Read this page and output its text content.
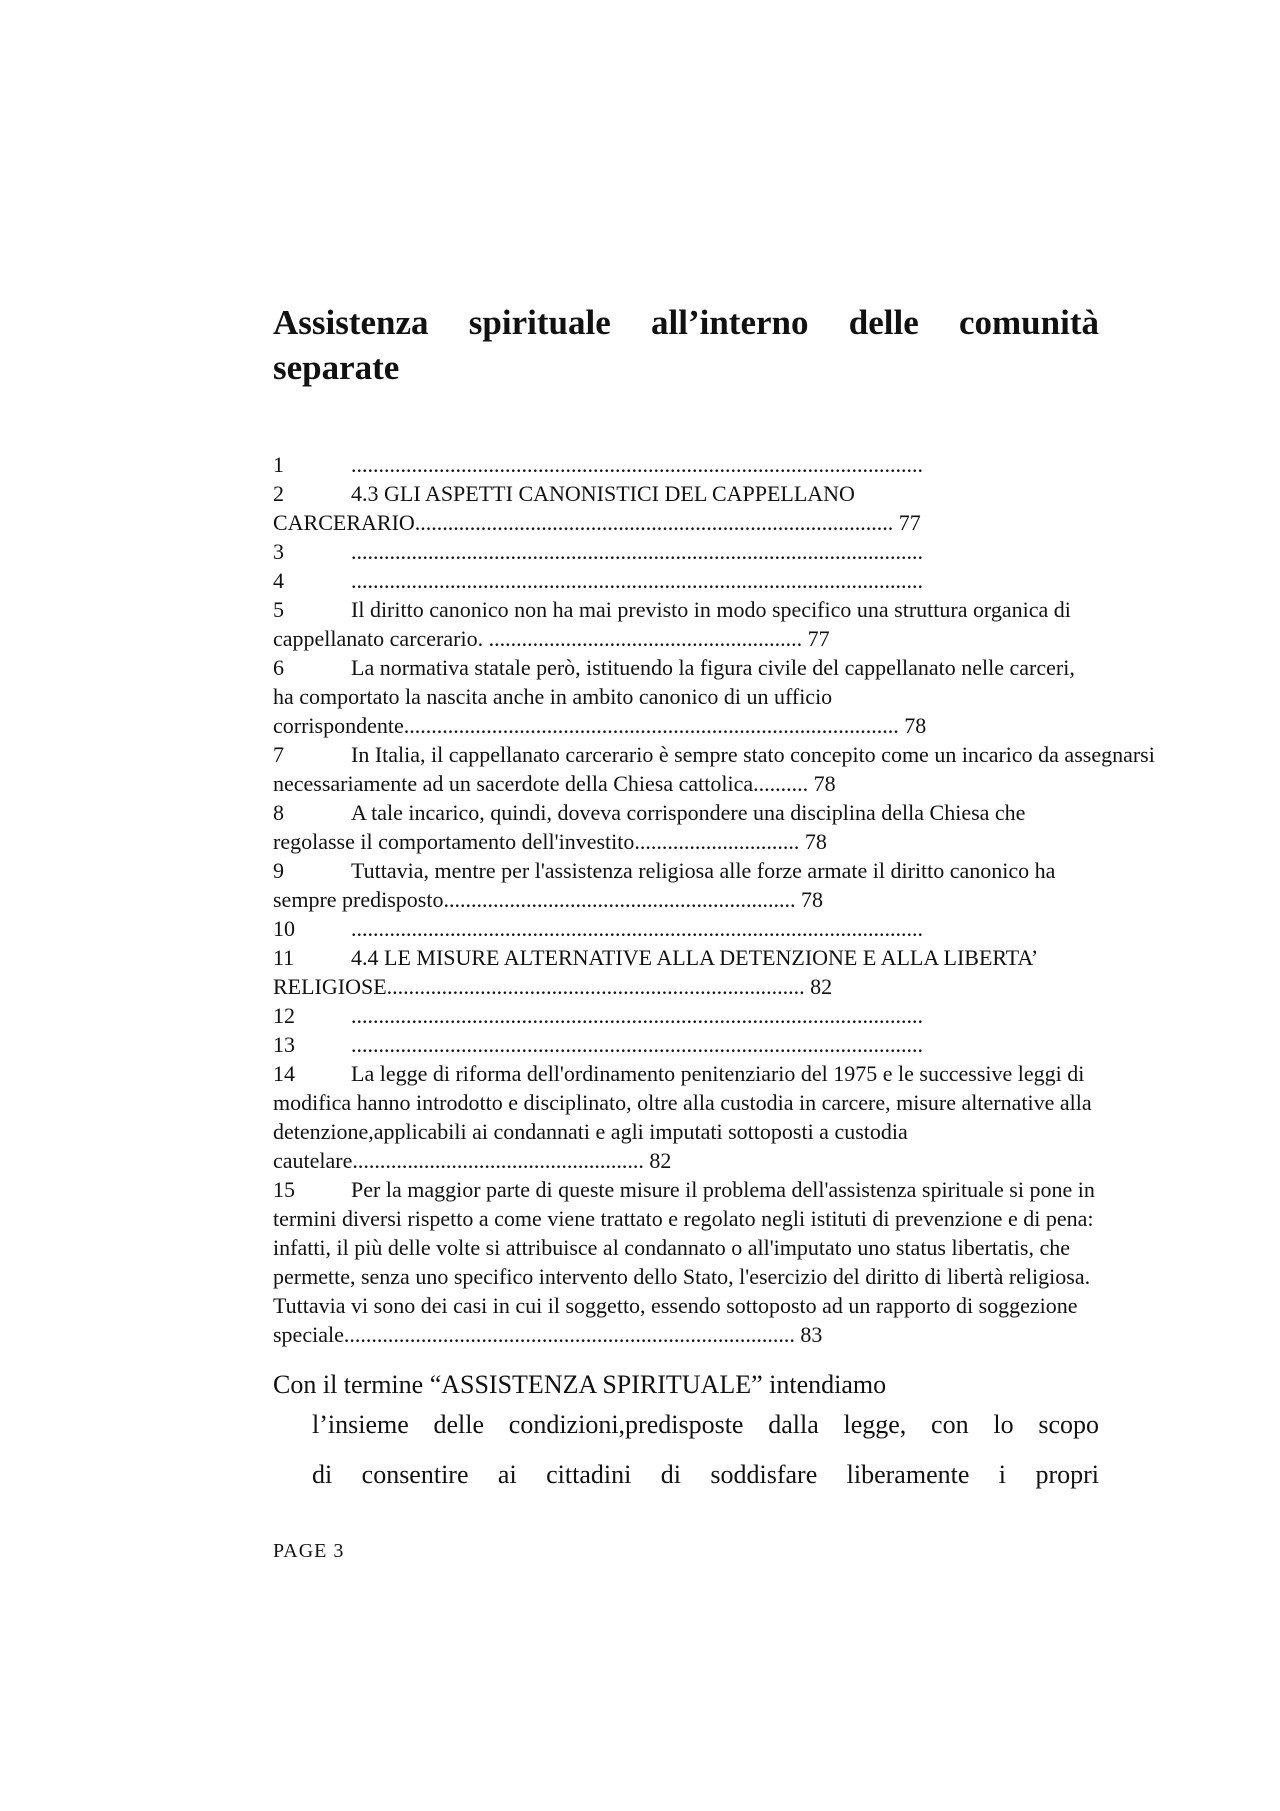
Assistenza spirituale all’interno delle comunità separate
1	........................................................................................................
2	4.3 GLI ASPETTI CANONISTICI DEL CAPPELLANO CARCERARIO....................................................................................... 77
3	........................................................................................................
4	........................................................................................................
5	Il diritto canonico non ha mai previsto in modo specifico una struttura organica di cappellanato carcerario. ......................................................... 77
6	La normativa statale però, istituendo la figura civile del cappellanato nelle carceri, ha comportato la nascita anche in ambito canonico di un ufficio corrispondente.......................................................................................... 78
7	In Italia, il cappellanato carcerario è sempre stato concepito come un incarico da assegnarsi necessariamente ad un sacerdote della Chiesa cattolica.......... 78
8	A tale incarico, quindi, doveva corrispondere una disciplina della Chiesa che regolasse il comportamento dell'investito.............................. 78
9	Tuttavia, mentre per l'assistenza religiosa alle forze armate il diritto canonico ha sempre predisposto................................................................ 78
10	........................................................................................................
11	4.4 LE MISURE ALTERNATIVE ALLA DETENZIONE E ALLA LIBERTA’ RELIGIOSE............................................................................ 82
12	........................................................................................................
13	........................................................................................................
14	La legge di riforma dell'ordinamento penitenziario del 1975 e le successive leggi di modifica hanno introdotto e disciplinato, oltre alla custodia in carcere, misure alternative alla detenzione,applicabili ai condannati e agli imputati sottoposti a custodia cautelare..................................................... 82
15	Per la maggior parte di queste misure il problema dell'assistenza spirituale si pone in termini diversi rispetto a come viene trattato e regolato negli istituti di prevenzione e di pena: infatti, il più delle volte si attribuisce al condannato o all'imputato uno status libertatis, che permette, senza uno specifico intervento dello Stato, l'esercizio del diritto di libertà religiosa. Tuttavia vi sono dei casi in cui il soggetto, essendo sottoposto ad un rapporto di soggezione speciale.................................................................................. 83
Con il termine “ASSISTENZA SPIRITUALE” intendiamo
l’insieme delle condizioni,predisposte dalla legge, con lo scopo
di consentire ai cittadini di soddisfare liberamente i propri
PAGE 3
